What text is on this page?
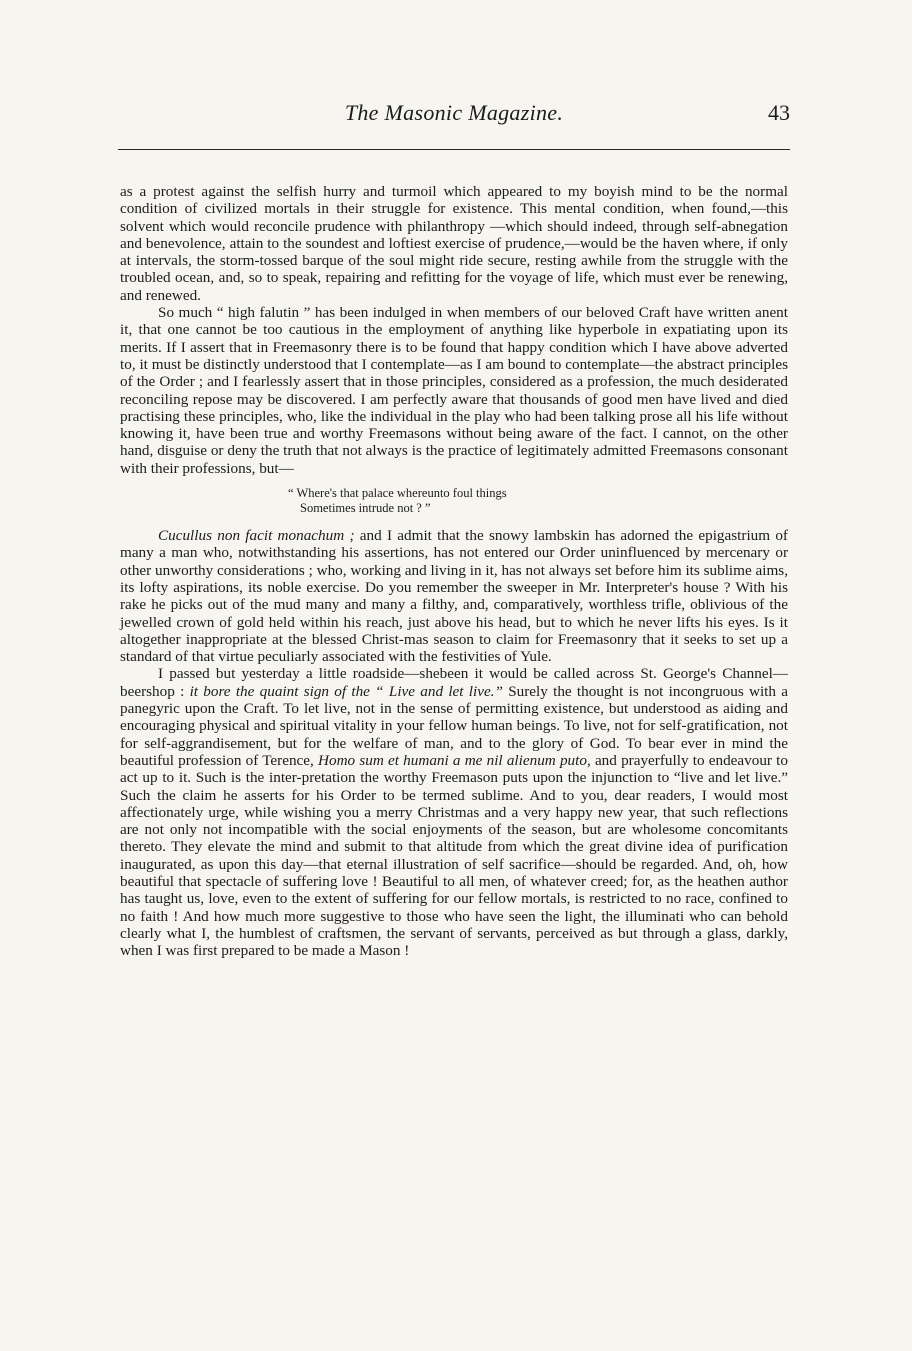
The Masonic Magazine.	43

as a protest against the selfish hurry and turmoil which appeared to my boyish mind to be the normal condition of civilized mortals in their struggle for existence. This mental condition, when found,—this solvent which would reconcile prudence with philanthropy —which should indeed, through self-abnegation and benevolence, attain to the soundest and loftiest exercise of prudence,—would be the haven where, if only at intervals, the storm-tossed barque of the soul might ride secure, resting awhile from the struggle with the troubled ocean, and, so to speak, repairing and refitting for the voyage of life, which must ever be renewing, and renewed.

So much “ high falutin ” has been indulged in when members of our beloved Craft have written anent it, that one cannot be too cautious in the employment of anything like hyperbole in expatiating upon its merits. If I assert that in Freemasonry there is to be found that happy condition which I have above adverted to, it must be distinctly understood that I contemplate—as I am bound to contemplate—the abstract principles of the Order ; and I fearlessly assert that in those principles, considered as a profession, the much desiderated reconciling repose may be discovered. I am perfectly aware that thousands of good men have lived and died practising these principles, who, like the individual in the play who had been talking prose all his life without knowing it, have been true and worthy Freemasons without being aware of the fact. I cannot, on the other hand, disguise or deny the truth that not always is the practice of legitimately admitted Freemasons consonant with their professions, but—

“ Where's that palace whereunto foul things
Sometimes intrude not ? ”

Cucullus non facit monachum ; and I admit that the snowy lambskin has adorned the epigastrium of many a man who, notwithstanding his assertions, has not entered our Order uninfluenced by mercenary or other unworthy considerations ; who, working and living in it, has not always set before him its sublime aims, its lofty aspirations, its noble exercise. Do you remember the sweeper in Mr. Interpreter's house ? With his rake he picks out of the mud many and many a filthy, and, comparatively, worthless trifle, oblivious of the jewelled crown of gold held within his reach, just above his head, but to which he never lifts his eyes. Is it altogether inappropriate at the blessed Christ-mas season to claim for Freemasonry that it seeks to set up a standard of that virtue peculiarly associated with the festivities of Yule.

I passed but yesterday a little roadside—shebeen it would be called across St. George's Channel—beershop : it bore the quaint sign of the “ Live and let live.” Surely the thought is not incongruous with a panegyric upon the Craft. To let live, not in the sense of permitting existence, but understood as aiding and encouraging physical and spiritual vitality in your fellow human beings. To live, not for self-gratification, not for self-aggrandisement, but for the welfare of man, and to the glory of God. To bear ever in mind the beautiful profession of Terence, Homo sum et humani a me nil alienum puto, and prayerfully to endeavour to act up to it. Such is the inter-pretation the worthy Freemason puts upon the injunction to “live and let live.” Such the claim he asserts for his Order to be termed sublime. And to you, dear readers, I would most affectionately urge, while wishing you a merry Christmas and a very happy new year, that such reflections are not only not incompatible with the social enjoyments of the season, but are wholesome concomitants thereto. They elevate the mind and submit to that altitude from which the great divine idea of purification inaugurated, as upon this day—that eternal illustration of self sacrifice—should be regarded. And, oh, how beautiful that spectacle of suffering love ! Beautiful to all men, of whatever creed; for, as the heathen author has taught us, love, even to the extent of suffering for our fellow mortals, is restricted to no race, confined to no faith ! And how much more suggestive to those who have seen the light, the illuminati who can behold clearly what I, the humblest of craftsmen, the servant of servants, perceived as but through a glass, darkly, when I was first prepared to be made a Mason !
